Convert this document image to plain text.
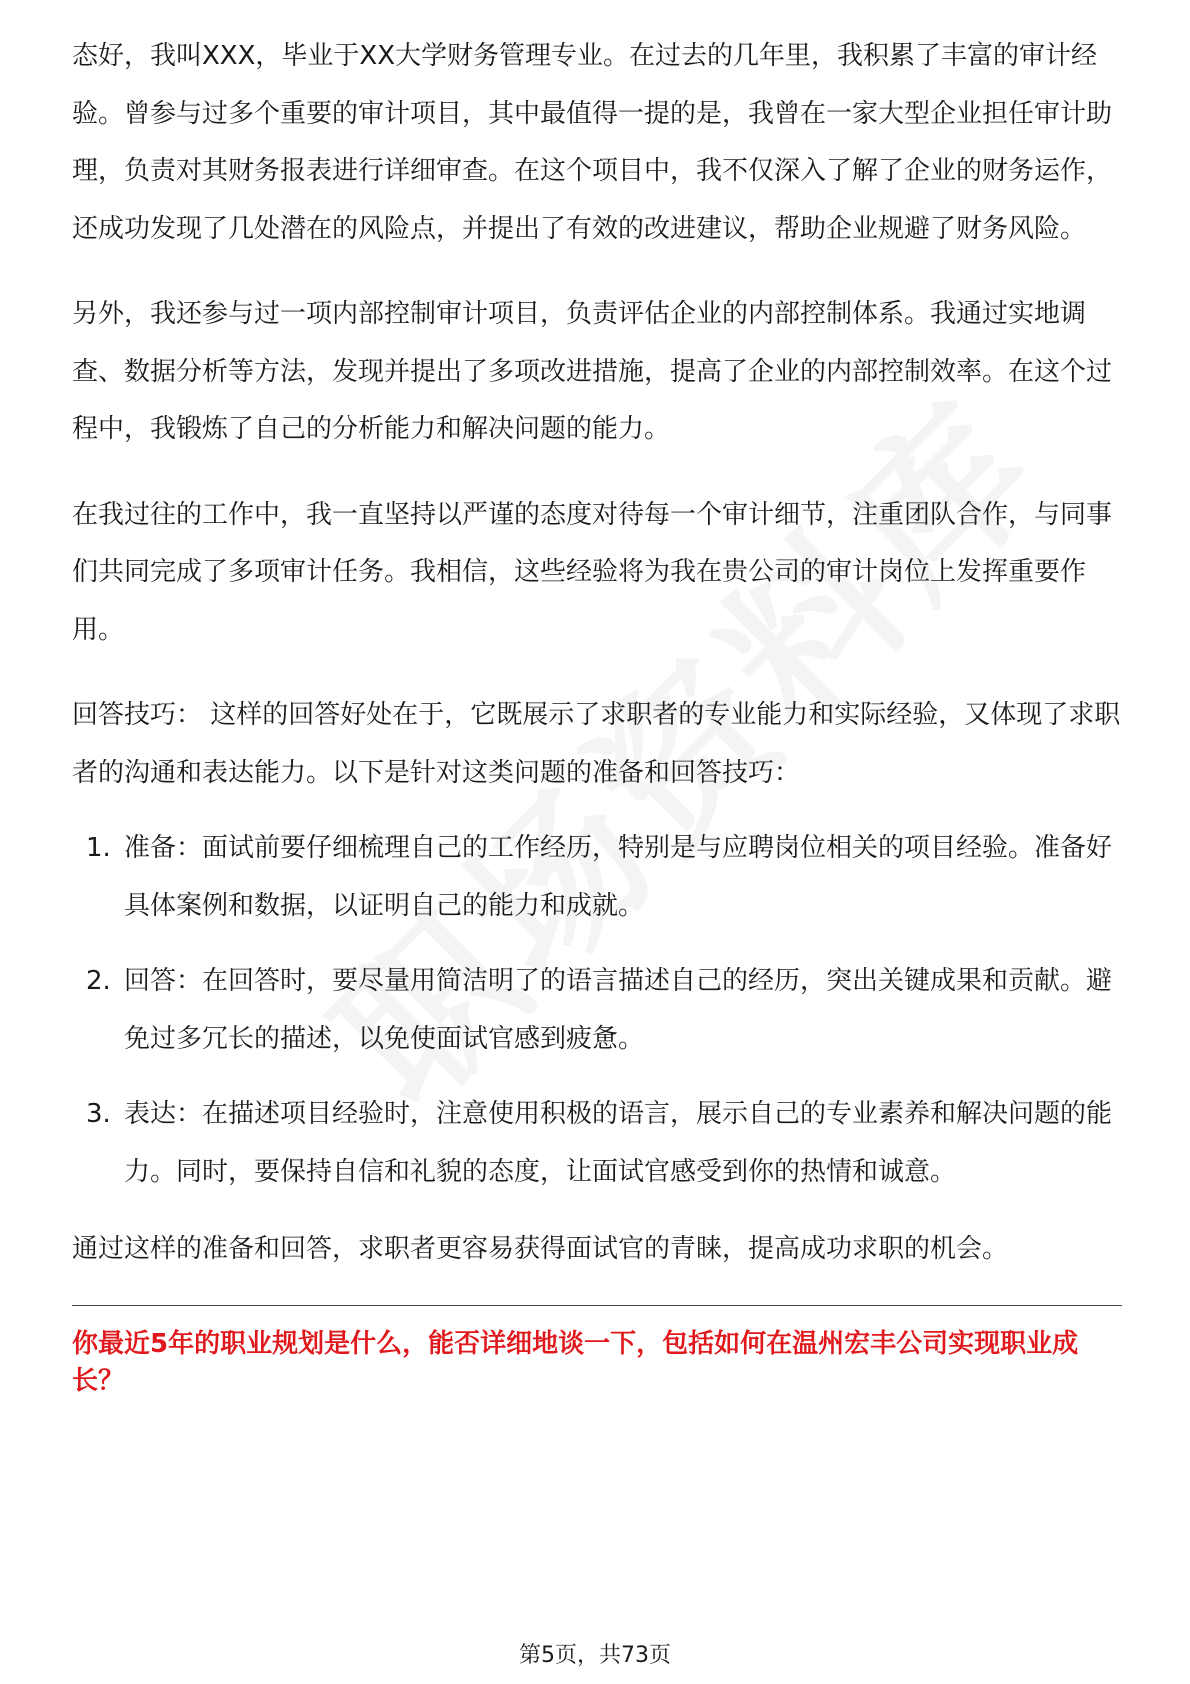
态好，我叫XXX，毕业于XX大学财务管理专业。在过去的几年里，我积累了丰富的审计经验。曾参与过多个重要的审计项目，其中最值得一提的是，我曾在一家大型企业担任审计助理，负责对其财务报表进行详细审查。在这个项目中，我不仅深入了解了企业的财务运作，还成功发现了几处潜在的风险点，并提出了有效的改进建议，帮助企业规避了财务风险。

另外，我还参与过一项内部控制审计项目，负责评估企业的内部控制体系。我通过实地调查、数据分析等方法，发现并提出了多项改进措施，提高了企业的内部控制效率。在这个过程中，我锻炼了自己的分析能力和解决问题的能力。

在我过往的工作中，我一直坚持以严谨的态度对待每一个审计细节，注重团队合作，与同事们共同完成了多项审计任务。我相信，这些经验将为我在贵公司的审计岗位上发挥重要作用。

回答技巧： 这样的回答好处在于，它既展示了求职者的专业能力和实际经验，又体现了求职者的沟通和表达能力。以下是针对这类问题的准备和回答技巧：

1. 准备：面试前要仔细梳理自己的工作经历，特别是与应聘岗位相关的项目经验。准备好具体案例和数据，以证明自己的能力和成就。
2. 回答：在回答时，要尽量用简洁明了的语言描述自己的经历，突出关键成果和贡献。避免过多冗长的描述，以免使面试官感到疲惫。
3. 表达：在描述项目经验时，注意使用积极的语言，展示自己的专业素养和解决问题的能力。同时，要保持自信和礼貌的态度，让面试官感受到你的热情和诚意。

通过这样的准备和回答，求职者更容易获得面试官的青睐，提高成功求职的机会。

你最近5年的职业规划是什么，能否详细地谈一下，包括如何在温州宏丰公司实现职业成长？

第5页，共73页
